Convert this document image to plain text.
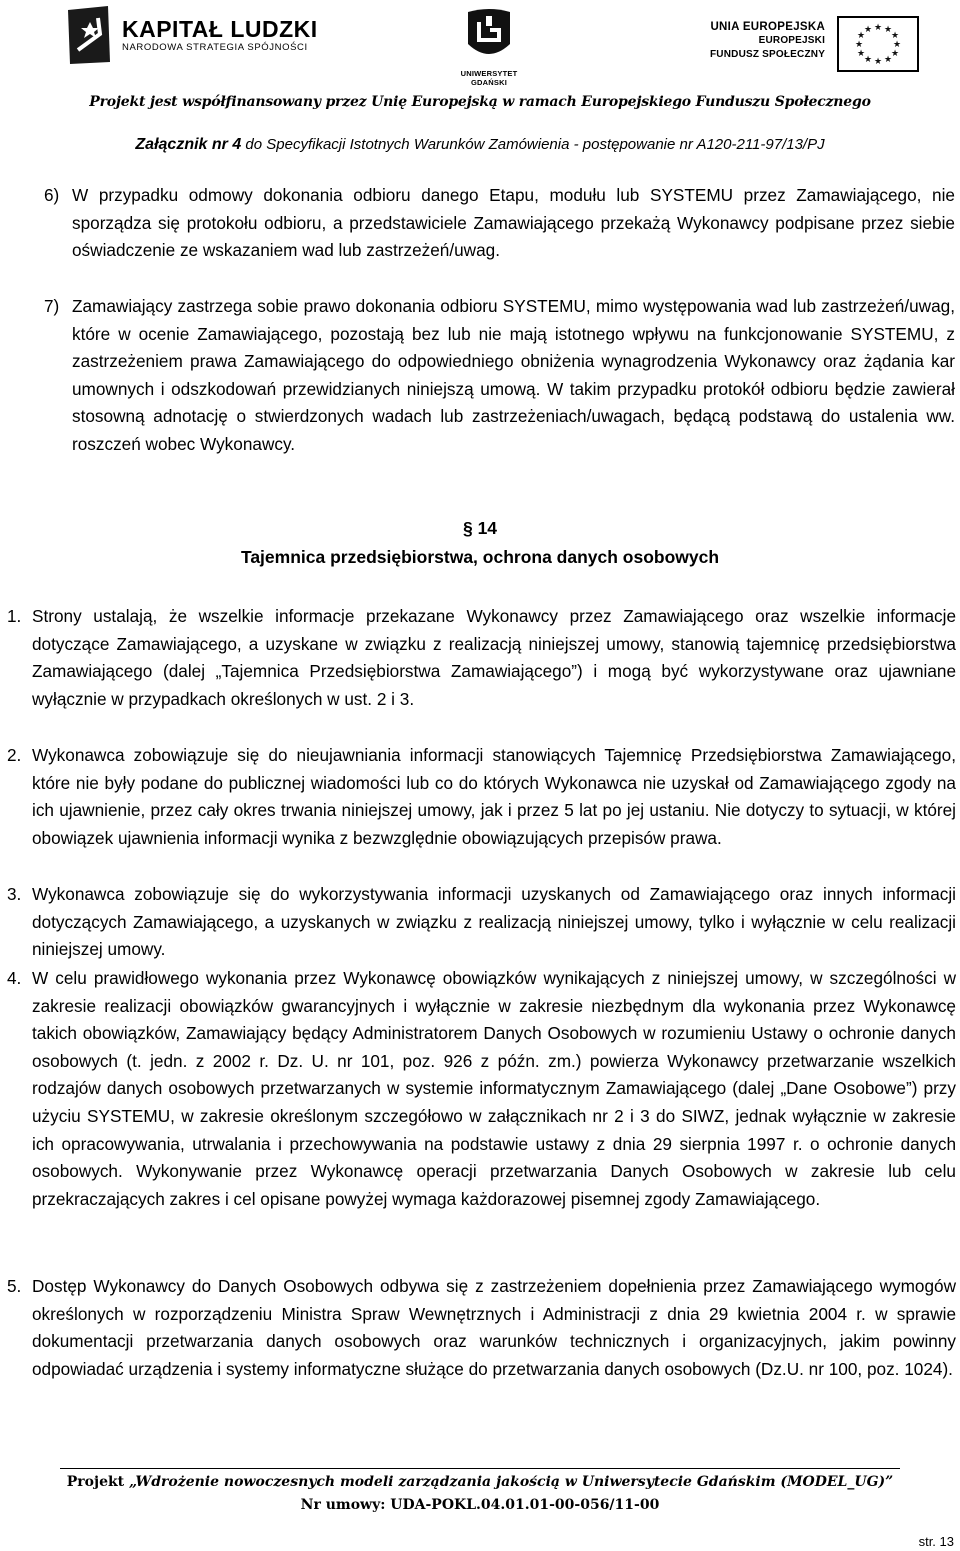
KAPITAŁ LUDZKI
NARODOWA STRATEGIA SPÓJNOŚCI
UNIWERSYTET GDAŃSKI
UNIA EUROPEJSKA
EUROPEJSKI
FUNDUSZ SPOŁECZNY
★ ★
★
★
★
★
★
★
★
★
★
★
Projekt jest współfinansowany przez Unię Europejską w ramach Europejskiego Funduszu Społecznego
Załącznik nr 4 do Specyfikacji Istotnych Warunków Zamówienia - postępowanie nr A120-211-97/13/PJ
6) W przypadku odmowy dokonania odbioru danego Etapu, modułu lub SYSTEMU przez Zamawiającego, nie sporządza się protokołu odbioru, a przedstawiciele Zamawiającego przekażą Wykonawcy podpisane przez siebie oświadczenie ze wskazaniem wad lub zastrzeżeń/uwag.
7) Zamawiający zastrzega sobie prawo dokonania odbioru SYSTEMU, mimo występowania wad lub zastrzeżeń/uwag, które w ocenie Zamawiającego, pozostają bez lub nie mają istotnego wpływu na funkcjonowanie SYSTEMU, z zastrzeżeniem prawa Zamawiającego do odpowiedniego obniżenia wynagrodzenia Wykonawcy oraz żądania kar umownych i odszkodowań przewidzianych niniejszą umową. W takim przypadku protokół odbioru będzie zawierał stosowną adnotację o stwierdzonych wadach lub zastrzeżeniach/uwagach, będącą podstawą do ustalenia ww. roszczeń wobec Wykonawcy.
§ 14
Tajemnica przedsiębiorstwa, ochrona danych osobowych
1. Strony ustalają, że wszelkie informacje przekazane Wykonawcy przez Zamawiającego oraz wszelkie informacje dotyczące Zamawiającego, a uzyskane w związku z realizacją niniejszej umowy, stanowią tajemnicę przedsiębiorstwa Zamawiającego (dalej „Tajemnica Przedsiębiorstwa Zamawiającego”) i mogą być wykorzystywane oraz ujawniane wyłącznie w przypadkach określonych w ust. 2 i 3.
2. Wykonawca zobowiązuje się do nieujawniania informacji stanowiących Tajemnicę Przedsiębiorstwa Zamawiającego, które nie były podane do publicznej wiadomości lub co do których Wykonawca nie uzyskał od Zamawiającego zgody na ich ujawnienie, przez cały okres trwania niniejszej umowy, jak i przez 5 lat po jej ustaniu. Nie dotyczy to sytuacji, w której obowiązek ujawnienia informacji wynika z bezwzględnie obowiązujących przepisów prawa.
3. Wykonawca zobowiązuje się do wykorzystywania informacji uzyskanych od Zamawiającego oraz innych informacji dotyczących Zamawiającego, a uzyskanych w związku z realizacją niniejszej umowy, tylko i wyłącznie w celu realizacji niniejszej umowy.
4. W celu prawidłowego wykonania przez Wykonawcę obowiązków wynikających z niniejszej umowy, w szczególności w zakresie realizacji obowiązków gwarancyjnych i wyłącznie w zakresie niezbędnym dla wykonania przez Wykonawcę takich obowiązków, Zamawiający będący Administratorem Danych Osobowych w rozumieniu Ustawy o ochronie danych osobowych (t. jedn. z 2002 r. Dz. U. nr 101, poz. 926 z późn. zm.) powierza Wykonawcy przetwarzanie wszelkich rodzajów danych osobowych przetwarzanych w systemie informatycznym Zamawiającego (dalej „Dane Osobowe”) przy użyciu SYSTEMU, w zakresie określonym szczegółowo w załącznikach nr 2 i 3 do SIWZ, jednak wyłącznie w zakresie ich opracowywania, utrwalania i przechowywania na podstawie ustawy z dnia 29 sierpnia 1997 r. o ochronie danych osobowych. Wykonywanie przez Wykonawcę operacji przetwarzania Danych Osobowych w zakresie lub celu przekraczających zakres i cel opisane powyżej wymaga każdorazowej pisemnej zgody Zamawiającego.
5. Dostęp Wykonawcy do Danych Osobowych odbywa się z zastrzeżeniem dopełnienia przez Zamawiającego wymogów określonych w rozporządzeniu Ministra Spraw Wewnętrznych i Administracji z dnia 29 kwietnia 2004 r. w sprawie dokumentacji przetwarzania danych osobowych oraz warunków technicznych i organizacyjnych, jakim powinny odpowiadać urządzenia i systemy informatyczne służące do przetwarzania danych osobowych (Dz.U. nr 100, poz. 1024).
Projekt „Wdrożenie nowoczesnych modeli zarządzania jakością w Uniwersytecie Gdańskim (MODEL_UG)”
Nr umowy: UDA-POKL.04.01.01-00-056/11-00
str. 13
